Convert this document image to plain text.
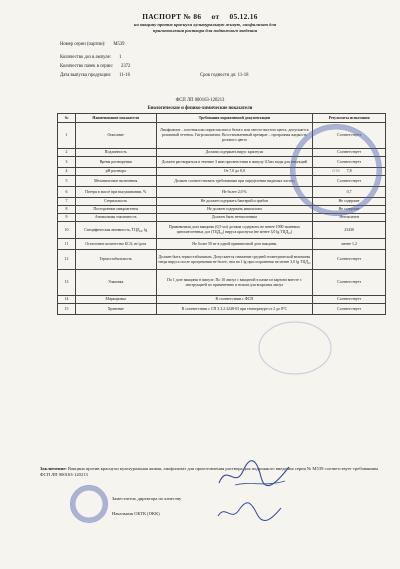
ПАСПОРТ № 86 от 05.12.16
на вакцину против краснухи культуральную живую, лиофилизат для
приготовления раствора для подкожного введения
Номер серии (партии): М539
Количество доз в ампуле: 1
Количество пачек в серии: 2372
Дата выпуска продукции: 11-16	Срок годности до: 11-18
ФСП ЛП 000163-120213
Биологические и физико-химические показатели
№	Наименование показателя	Требования нормативной документации	Результаты испытания
1	Описание	Лиофилизат – плотная или пористая масса белого или светло-желтого цвета, допускается розоватый оттенок. Гигроскопична. Восстановленный препарат – прозрачная жидкость розового цвета	Соответствует
2	Подлинность	Должна содержать вирус краснухи	Соответствует
3	Время растворения	Должен растворяться в течение 3 мин при внесении в ампулу 0,5мл воды для инъекций	Соответствует
4	pH раствора	От 7,0 до 8,0	7,8
5	Механические включения	Должен соответствовать требованиям при определении видимых частиц	Соответствует
6	Потеря в массе при высушивании, %	Не более 2,0 %	0,7
7	Стерильность	Не должен содержать бактерий и грибов	Не содержит
8	Посторонние микроагенты	Не должен содержать микоплазм	Не содержит
9	Аномальная токсичность	Должен быть нетоксичным	Нетоксичен
10	Специфическая активность, ТЦД₅₀, lg	Прививочная доза вакцины (0,5 мл) должна содержать не менее 1000 тканевых цитопатогенных доз (ТЦД₅₀) вируса краснухи (не менее 3,0 lg ТЦД₅₀)	23430
11	Остаточное количество БСА, нг/доза	Не более 50 нг в одной прививочной дозе вакцины	менее 1,2
12	Термостабильность	Должен быть термостабильным. Допускается снижение средней геометрической величины титра вируса после прогревания не более, чем на 1 lg при сохранении не менее 3,0 lg ТЦД₅₀	Соответствует
13	Упаковка	По 1 дозе вакцины в ампуле. По 10 ампул с вакциной в пачке из картона вместе с инструкцией по применению и ножом для вскрытия ампул	Соответствует
14	Маркировка	В соответствии с ФСП	Соответствует
15	Хранение	В соответствии с СП 3.3.2.3248-03 при температуре от 2 до 8°С	Соответствует
Заключение: Вакцина против краснухи культуральная живая, лиофилизат для приготовления раствора для подкожного введения серия № М539 соответствует требованиям ФСП ЛП 000163-120213
Заместитель директора по качеству
Начальник ОБТК (ОКК)
ОТК
